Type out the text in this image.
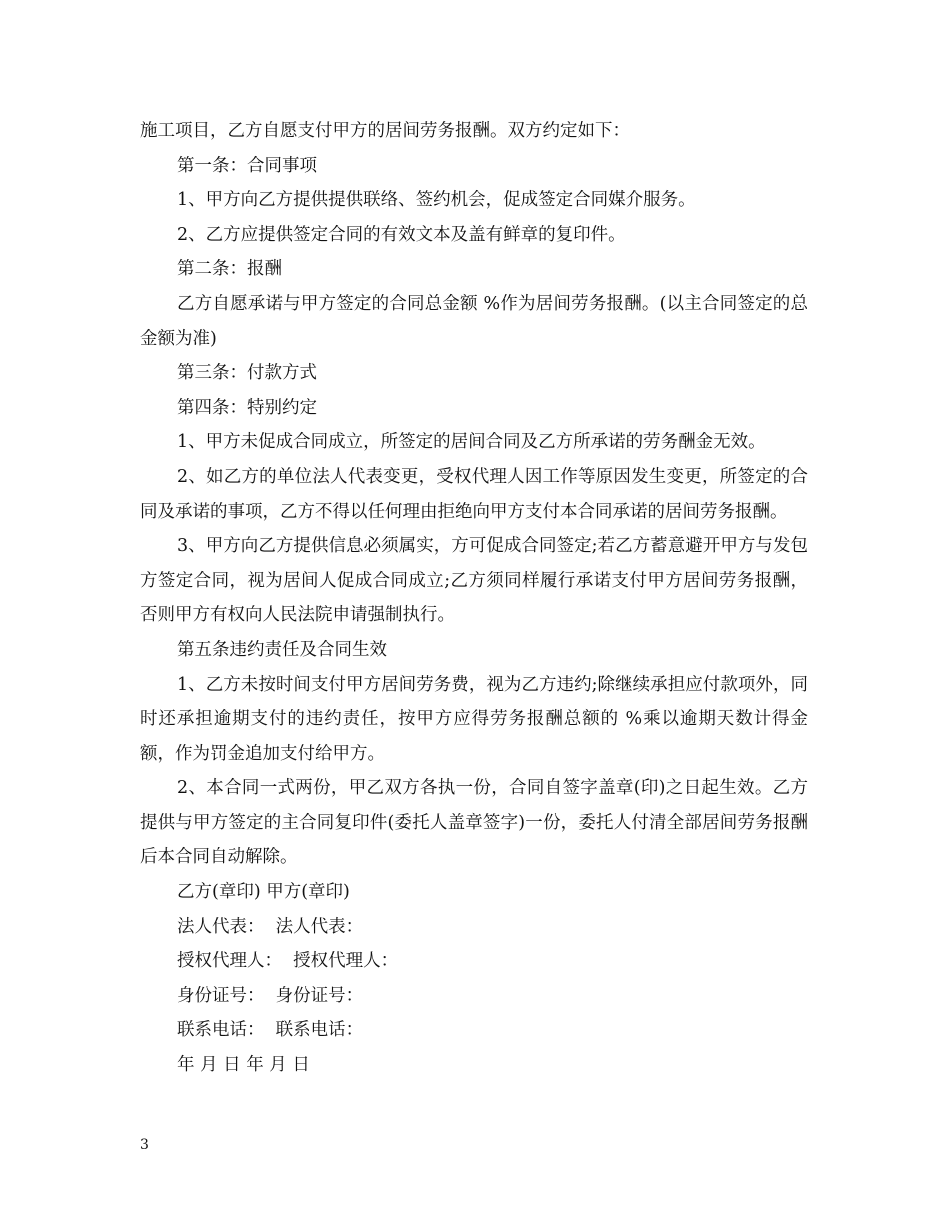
施工项目，乙方自愿支付甲方的居间劳务报酬。双方约定如下：

第一条：合同事项

1、甲方向乙方提供提供联络、签约机会，促成签定合同媒介服务。

2、乙方应提供签定合同的有效文本及盖有鲜章的复印件。

第二条：报酬

乙方自愿承诺与甲方签定的合同总金额 %作为居间劳务报酬。(以主合同签定的总金额为准)

第三条：付款方式

第四条：特别约定

1、甲方未促成合同成立，所签定的居间合同及乙方所承诺的劳务酬金无效。

2、如乙方的单位法人代表变更，受权代理人因工作等原因发生变更，所签定的合同及承诺的事项，乙方不得以任何理由拒绝向甲方支付本合同承诺的居间劳务报酬。

3、甲方向乙方提供信息必须属实，方可促成合同签定;若乙方蓄意避开甲方与发包方签定合同，视为居间人促成合同成立;乙方须同样履行承诺支付甲方居间劳务报酬，否则甲方有权向人民法院申请强制执行。

第五条违约责任及合同生效

1、乙方未按时间支付甲方居间劳务费，视为乙方违约;除继续承担应付款项外，同时还承担逾期支付的违约责任，按甲方应得劳务报酬总额的 %乘以逾期天数计得金额，作为罚金追加支付给甲方。

2、本合同一式两份，甲乙双方各执一份，合同自签字盖章(印)之日起生效。乙方提供与甲方签定的主合同复印件(委托人盖章签字)一份，委托人付清全部居间劳务报酬后本合同自动解除。

乙方(章印) 甲方(章印)

法人代表：  法人代表：

授权代理人：  授权代理人：

身份证号：  身份证号：

联系电话：  联系电话：

年 月 日 年 月 日

3
